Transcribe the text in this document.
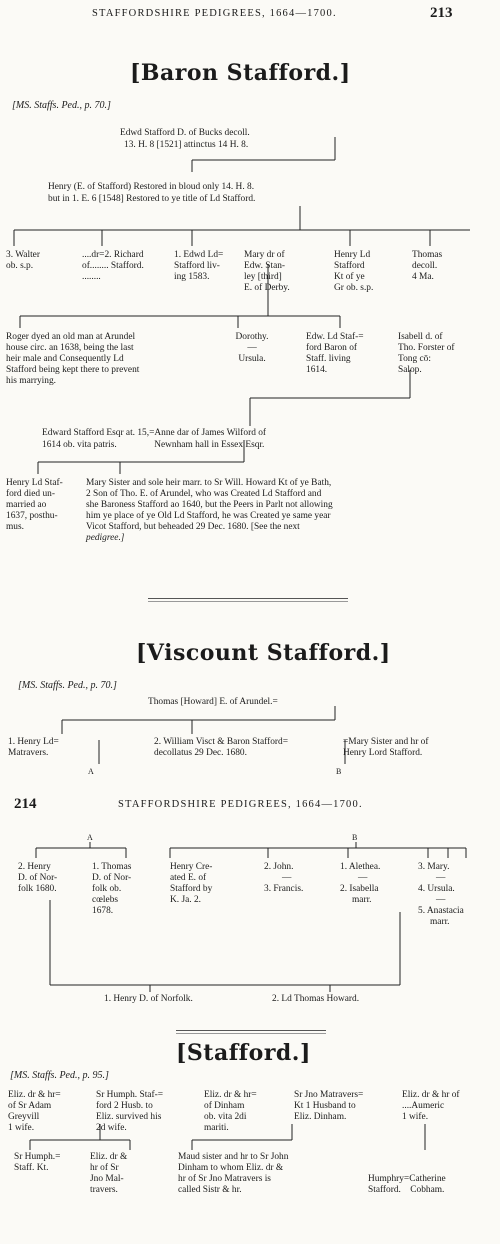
STAFFORDSHIRE PEDIGREES, 1664—1700.	213
[Baron Stafford.]
[MS. Staffs. Ped., p. 70.]
Edwd Stafford D. of Bucks decoll.
13. H. 8 [1521] attinctus 14 H. 8.
Henry (E. of Stafford) Restored in bloud only 14. H. 8.
but in 1. E. 6 [1548] Restored to ye title of Ld Stafford.
3. Walter
ob. s.p.
....dr=2. Richard
of........ Stafford.
........
1. Edwd Ld=
Stafford liv-
ing 1583.
Mary dr of
Edw. Stan-
ley [third]
E. of Derby.
Henry Ld
Stafford
Kt of ye
Gr ob. s.p.
Thomas
decoll.
4 Ma.
Roger dyed an old man at Arundel
house circ. an 1638, being the last
heir male and Consequently Ld
Stafford being kept there to prevent
his marrying.
Dorothy.
—
Ursula.
Edw. Ld Staf-=
ford Baron of
Staff. living
1614.
Isabell d. of
Tho. Forster of
Tong cō:
Salop.
Edward Stafford Esqr at. 15,=Anne dar of James Wilford of
1614 ob. vita patris.                Newnham hall in Essex Esqr.
Henry Ld Staf-
ford died un-
married ao
1637, posthu-
mus.
Mary Sister and sole heir marr. to Sr Will. Howard Kt of ye Bath,
2 Son of Tho. E. of Arundel, who was Created Ld Stafford and
she Baroness Stafford ao 1640, but the Peers in Parlt not allowing
him ye place of ye Old Ld Stafford, he was Created ye same year
Vicot Stafford, but beheaded 29 Dec. 1680. [See the next
pedigree.]
[Viscount Stafford.]
[MS. Staffs. Ped., p. 70.]
Thomas [Howard] E. of Arundel.=
1. Henry Ld=
Matravers.
A
2. William Visct & Baron Stafford=
decollatus 29 Dec. 1680.
=Mary Sister and hr of
Henry Lord Stafford.
B
214	STAFFORDSHIRE PEDIGREES, 1664—1700.
A	B
2. Henry
D. of Nor-
folk 1680.
1. Thomas
D. of Nor-
folk ob.
cœlebs
1678.
Henry Cre-
ated E. of
Stafford by
K. Ja. 2.
2. John.
—
3. Francis.
1. Alethea.
—
2. Isabella
marr.
3. Mary.
—
4. Ursula.
—
5. Anastacia
marr.
1. Henry D. of Norfolk.	2. Ld Thomas Howard.
[Stafford.]
[MS. Staffs. Ped., p. 95.]
Eliz. dr & hr=
of Sr Adam
Greyvill
1 wife.
Sr Humph. Staf-=
ford 2 Husb. to
Eliz. survived his
2d wife.
Eliz. dr & hr=
of Dinham
ob. vita 2di
mariti.
Sr Jno Matravers=
Kt 1 Husband to
Eliz. Dinham.
Eliz. dr & hr of
....Aumeric
1 wife.
Sr Humph.=
Staff. Kt.
Eliz. dr &
hr of Sr
Jno Mal-
travers.
Maud sister and hr to Sr John
Dinham to whom Eliz. dr &
hr of Sr Jno Matravers is
called Sistr & hr.

Humphry=Catherine
Stafford.    Cobham.
